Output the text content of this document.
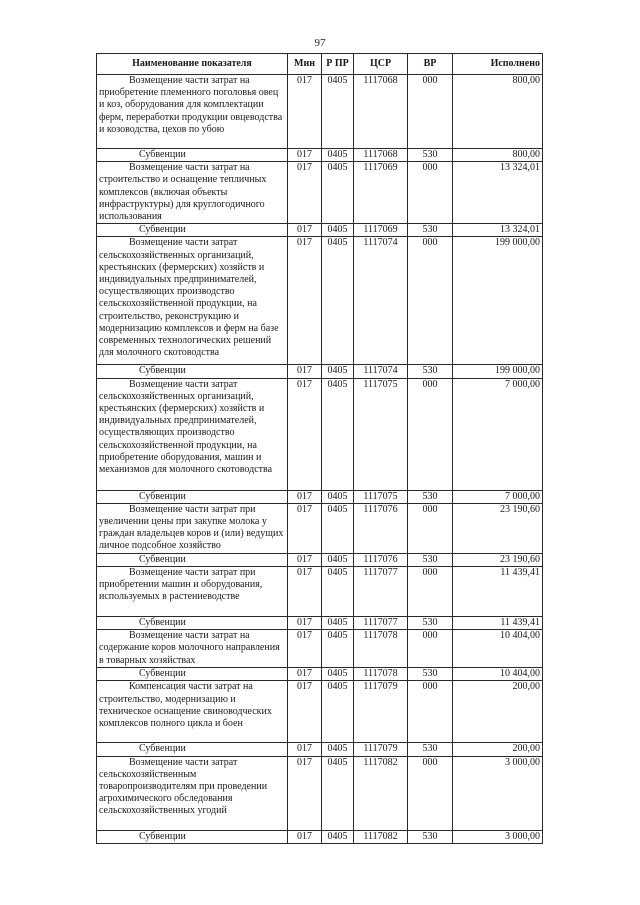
97
Наименование показателя	Мин	Р ПР	ЦСР	ВР	Исполнено
Возмещение части затрат на приобретение племенного поголовья овец и коз, оборудования для комплектации ферм, переработки продукции овцеводства и козоводства, цехов по убою	017	0405	1117068	000	800,00
Субвенции	017	0405	1117068	530	800,00
Возмещение части затрат на строительство и оснащение тепличных комплексов (включая объекты инфраструктуры) для круглогодичного использования	017	0405	1117069	000	13 324,01
Субвенции	017	0405	1117069	530	13 324,01
Возмещение части затрат сельскохозяйственных организаций, крестьянских (фермерских) хозяйств и индивидуальных предпринимателей, осуществляющих производство сельскохозяйственной продукции, на строительство, реконструкцию и модернизацию комплексов и ферм на базе современных технологических решений для молочного скотоводства	017	0405	1117074	000	199 000,00
Субвенции	017	0405	1117074	530	199 000,00
Возмещение части затрат сельскохозяйственных организаций, крестьянских (фермерских) хозяйств и индивидуальных предпринимателей, осуществляющих производство сельскохозяйственной продукции, на приобретение оборудования, машин и механизмов для молочного скотоводства	017	0405	1117075	000	7 000,00
Субвенции	017	0405	1117075	530	7 000,00
Возмещение части затрат при увеличении цены при закупке молока у граждан владельцев коров и (или) ведущих личное подсобное хозяйство	017	0405	1117076	000	23 190,60
Субвенции	017	0405	1117076	530	23 190,60
Возмещение части затрат при приобретении машин и оборудования, используемых в растениеводстве	017	0405	1117077	000	11 439,41
Субвенции	017	0405	1117077	530	11 439,41
Возмещение части затрат на содержание коров молочного направления в товарных хозяйствах	017	0405	1117078	000	10 404,00
Субвенции	017	0405	1117078	530	10 404,00
Компенсация части затрат на строительство, модернизацию и техническое оснащение свиноводческих комплексов полного цикла и боен	017	0405	1117079	000	200,00
Субвенции	017	0405	1117079	530	200,00
Возмещение части затрат сельскохозяйственным товаропроизводителям при проведении агрохимического обследования сельскохозяйственных угодий	017	0405	1117082	000	3 000,00
Субвенции	017	0405	1117082	530	3 000,00
